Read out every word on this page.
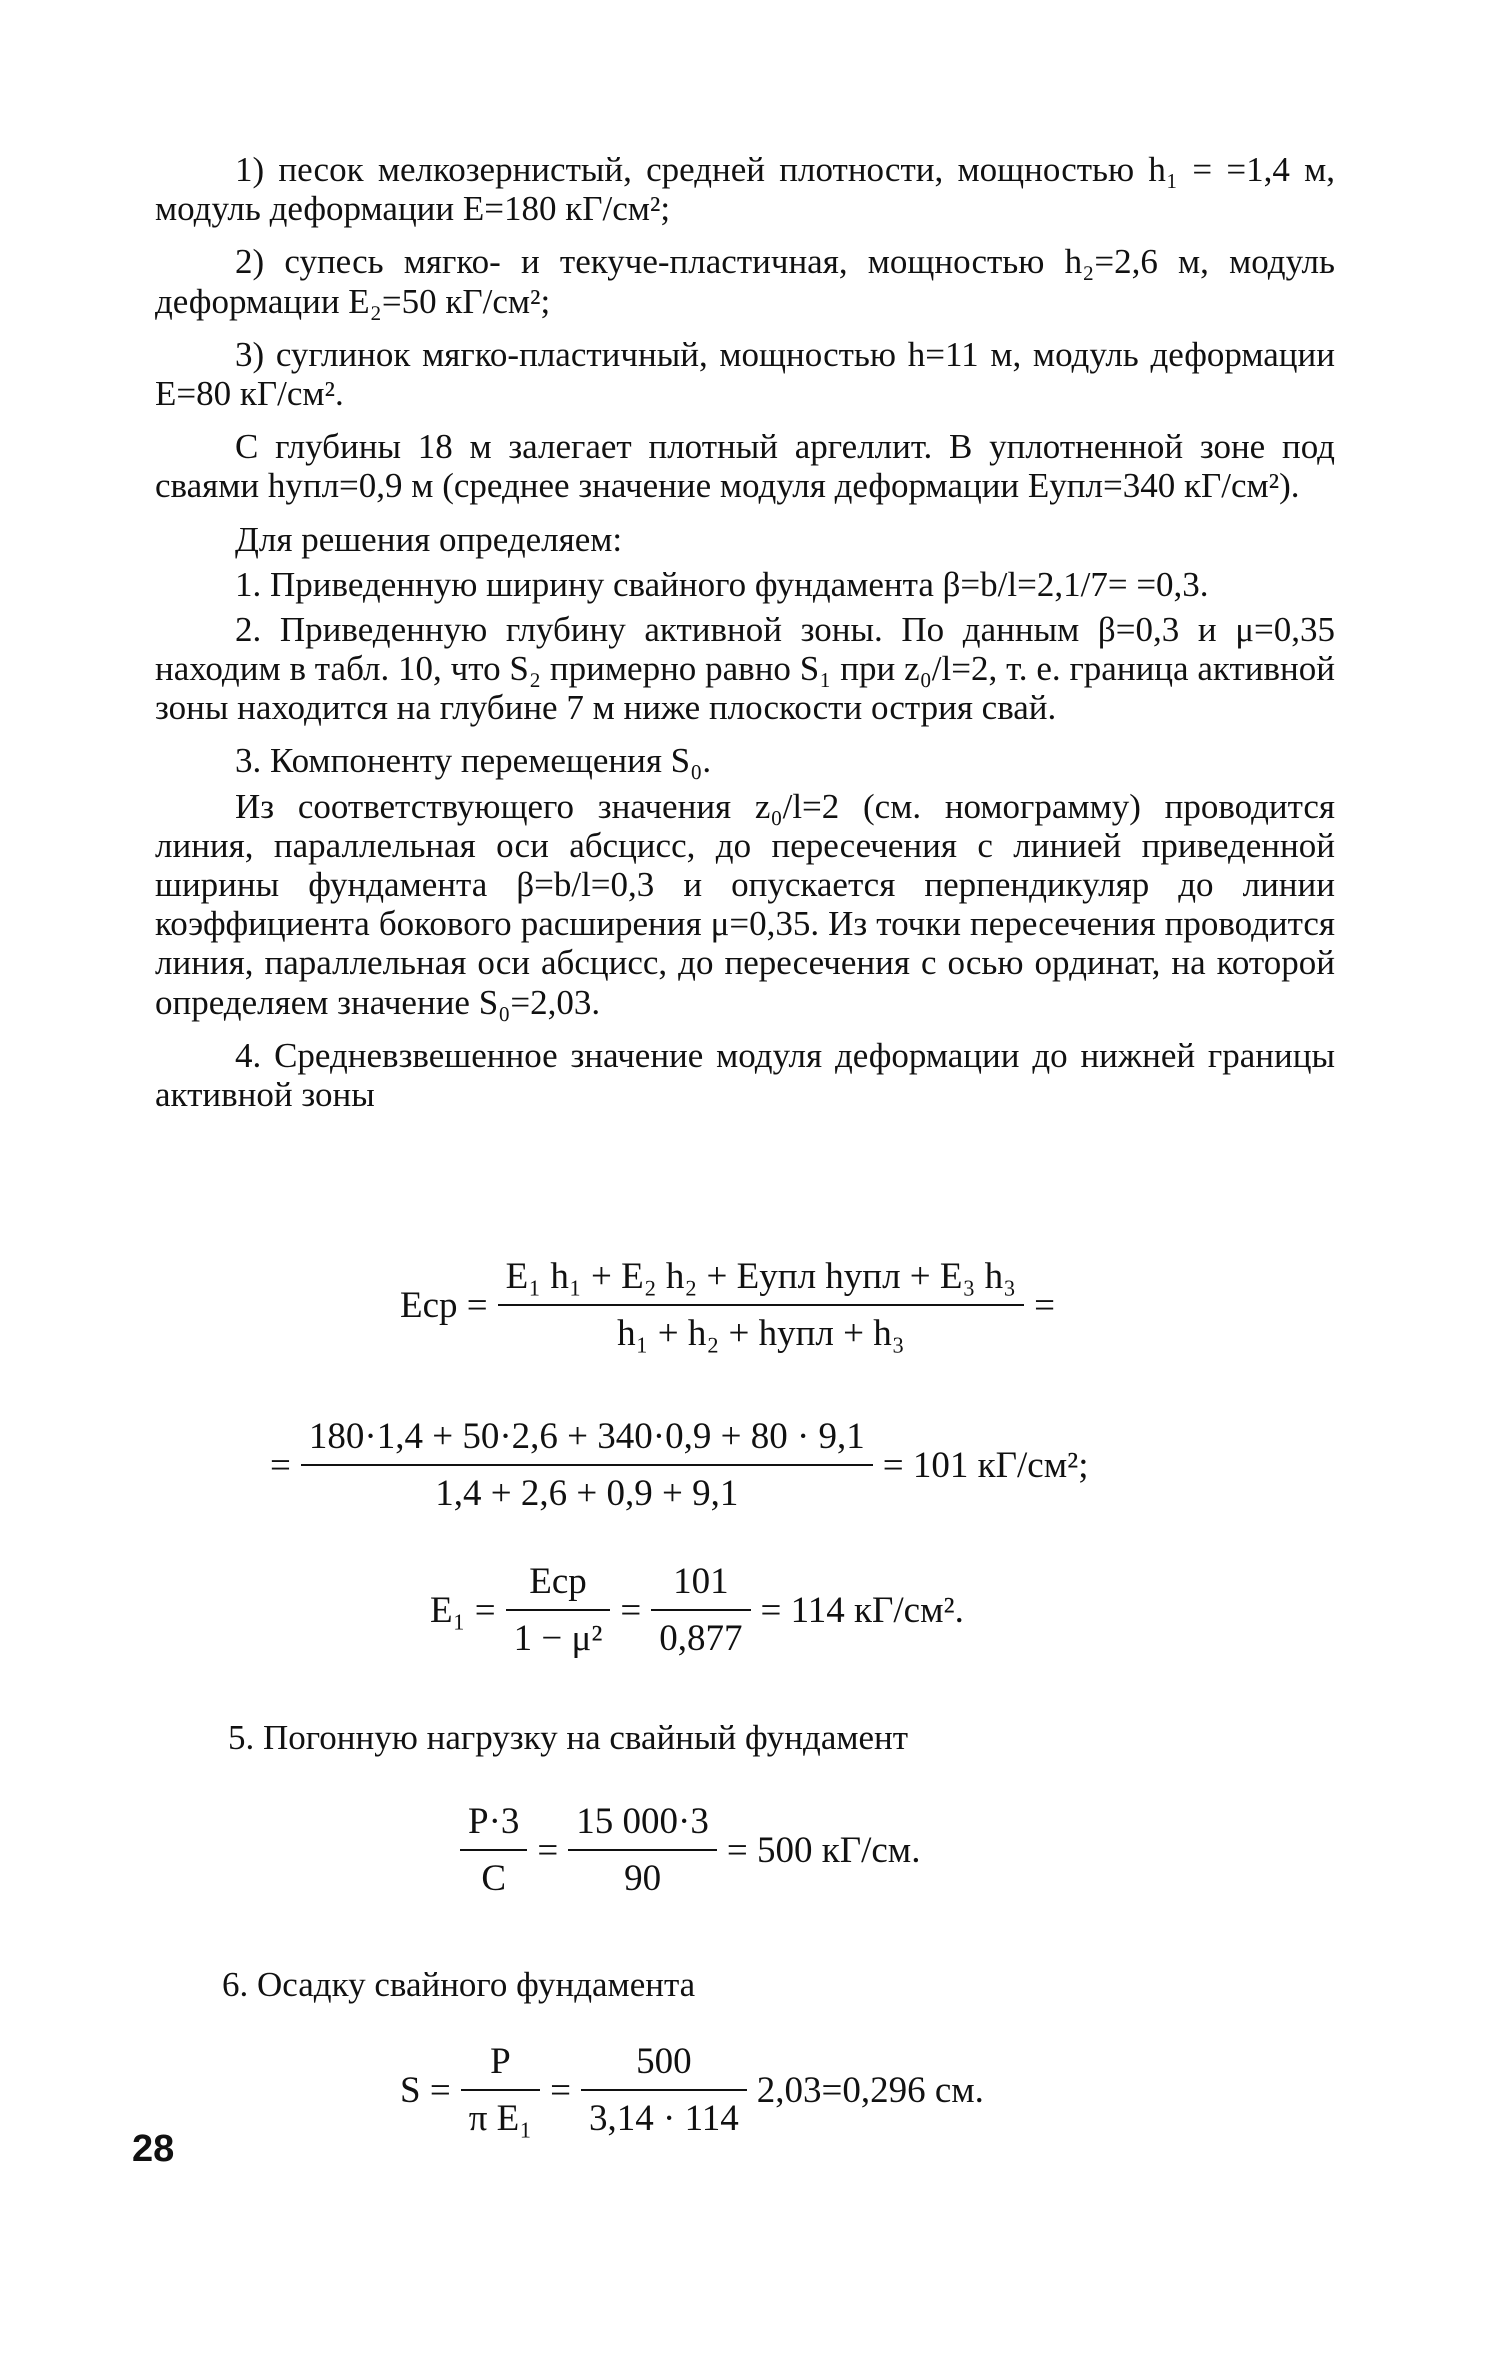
1) песок мелкозернистый, средней плотности, мощностью h₁ = =1,4 м, модуль деформации E=180 кГ/см²;

2) супесь мягко- и текуче-пластичная, мощностью h₂=2,6 м, модуль деформации E₂=50 кГ/см²;

3) суглинок мягко-пластичный, мощностью h=11 м, модуль деформации E=80 кГ/см².

С глубины 18 м залегает плотный аргеллит. В уплотненной зоне под сваями hупл=0,9 м (среднее значение модуля деформации Eупл=340 кГ/см²).

Для решения определяем:

1. Приведенную ширину свайного фундамента β=b/l=2,1/7= =0,3.

2. Приведенную глубину активной зоны. По данным β=0,3 и μ=0,35 находим в табл. 10, что S₂ примерно равно S₁ при z₀/l=2, т. е. граница активной зоны находится на глубине 7 м ниже плоскости острия свай.

3. Компоненту перемещения S₀.

Из соответствующего значения z₀/l=2 (см. номограмму) проводится линия, параллельная оси абсцисс, до пересечения с линией приведенной ширины фундамента β=b/l=0,3 и опускается перпендикуляр до линии коэффициента бокового расширения μ=0,35. Из точки пересечения проводится линия, параллельная оси абсцисс, до пересечения с осью ординат, на которой определяем значение S₀=2,03.

4. Средневзвешенное значение модуля деформации до нижней границы активной зоны

Eср = $\frac{\text{E₁ h₁ + E₂ h₂ + Eупл hупл + E₃ h₃}}{\text{h₁ + h₂ + hупл + h₃}}$ =
= $\frac{180\cdot 1,4 + 50\cdot 2,6 + 340\cdot 0,9 + 80 \cdot 9,1}{1,4 + 2,6 + 0,9 + 9,1} = 101$ кГ/см²;
$E_1 = \frac{\text{Eср}}{\text{1 − μ²}} = \frac{101}{0,877} = 114$ кГ/см².
5. Погонную нагрузку на свайный фундамент
$\frac{P\cdot 3}{C} = \frac{15 000\cdot 3}{90} = 500$ кГ/см.
6. Осадку свайного фундамента
$S = \frac{P}{\text{π E₁}} = \frac{500}{3,14 \cdot 114} 2,03=0,296$ см.
28
